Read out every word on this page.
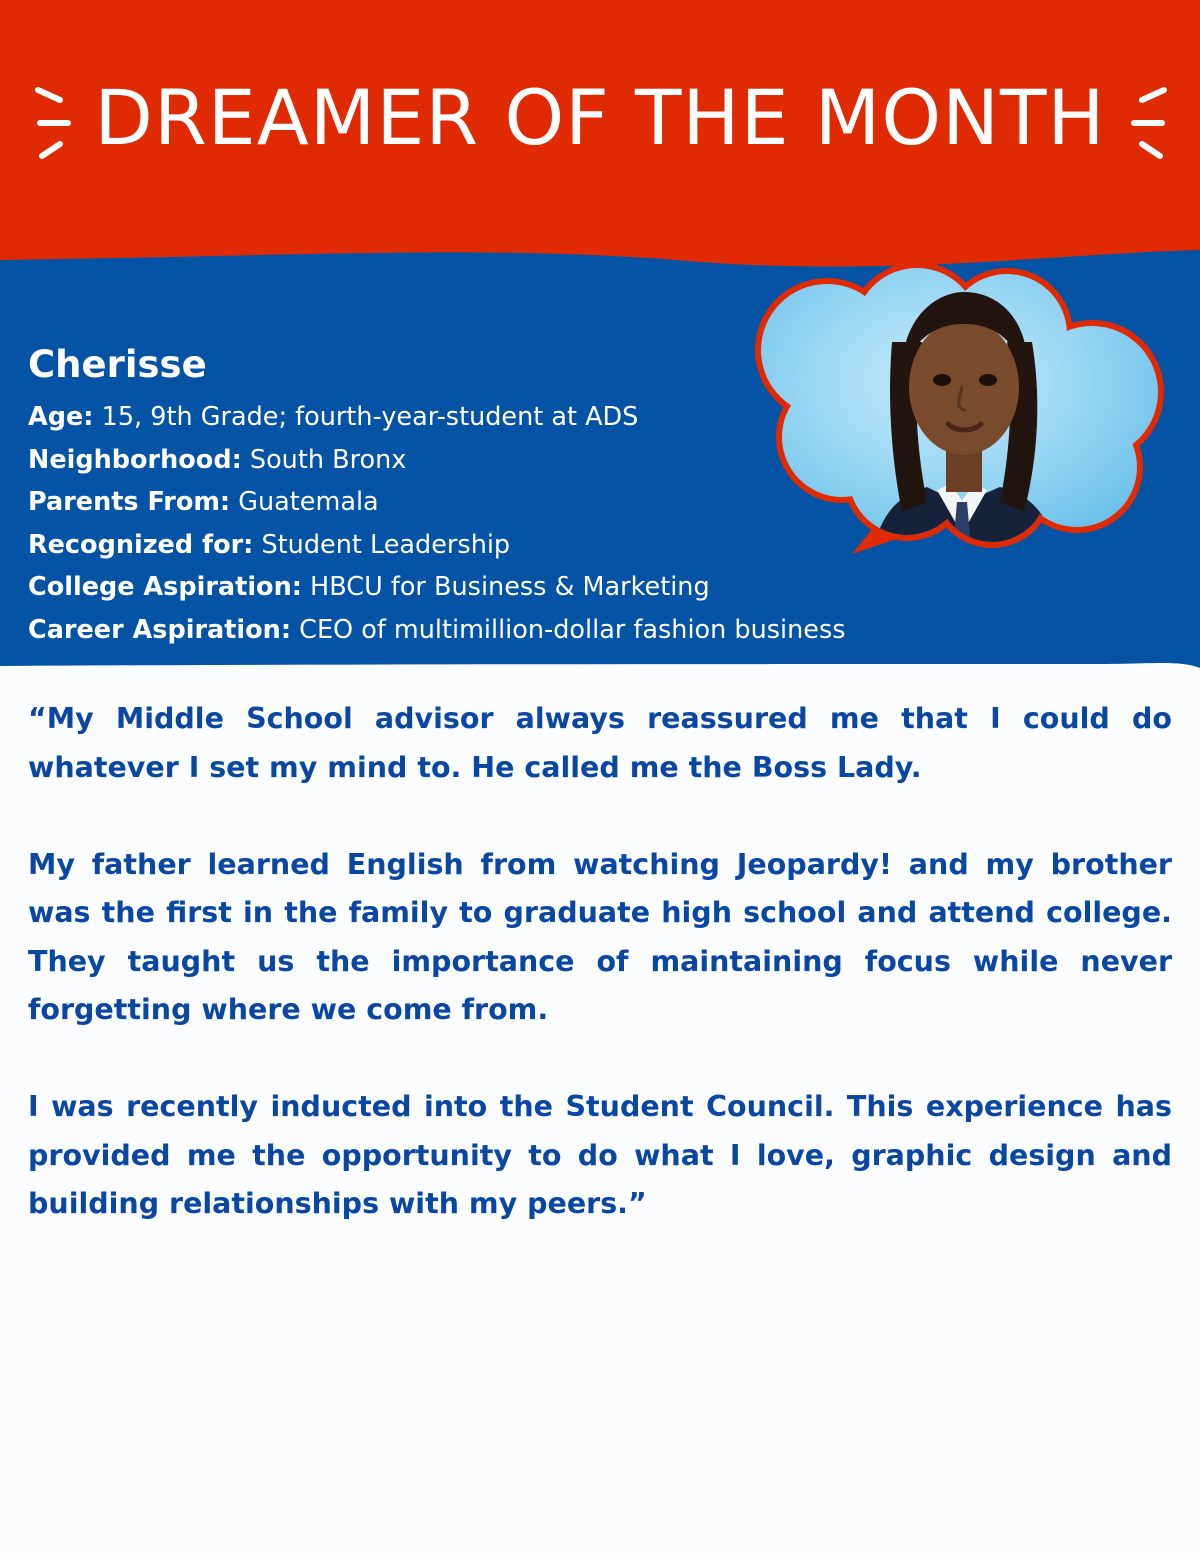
DREAMER OF THE MONTH
Cherisse
Age: 15, 9th Grade; fourth-year-student at ADS
Neighborhood: South Bronx
Parents From: Guatemala
Recognized for: Student Leadership
College Aspiration: HBCU for Business & Marketing
Career Aspiration: CEO of multimillion-dollar fashion business

“My Middle School advisor always reassured me that I could do whatever I set my mind to. He called me the Boss Lady.

My father learned English from watching Jeopardy! and my brother was the first in the family to graduate high school and attend college. They taught us the importance of maintaining focus while never forgetting where we come from.

I was recently inducted into the Student Council. This experience has provided me the opportunity to do what I love, graphic design and building relationships with my peers.”
